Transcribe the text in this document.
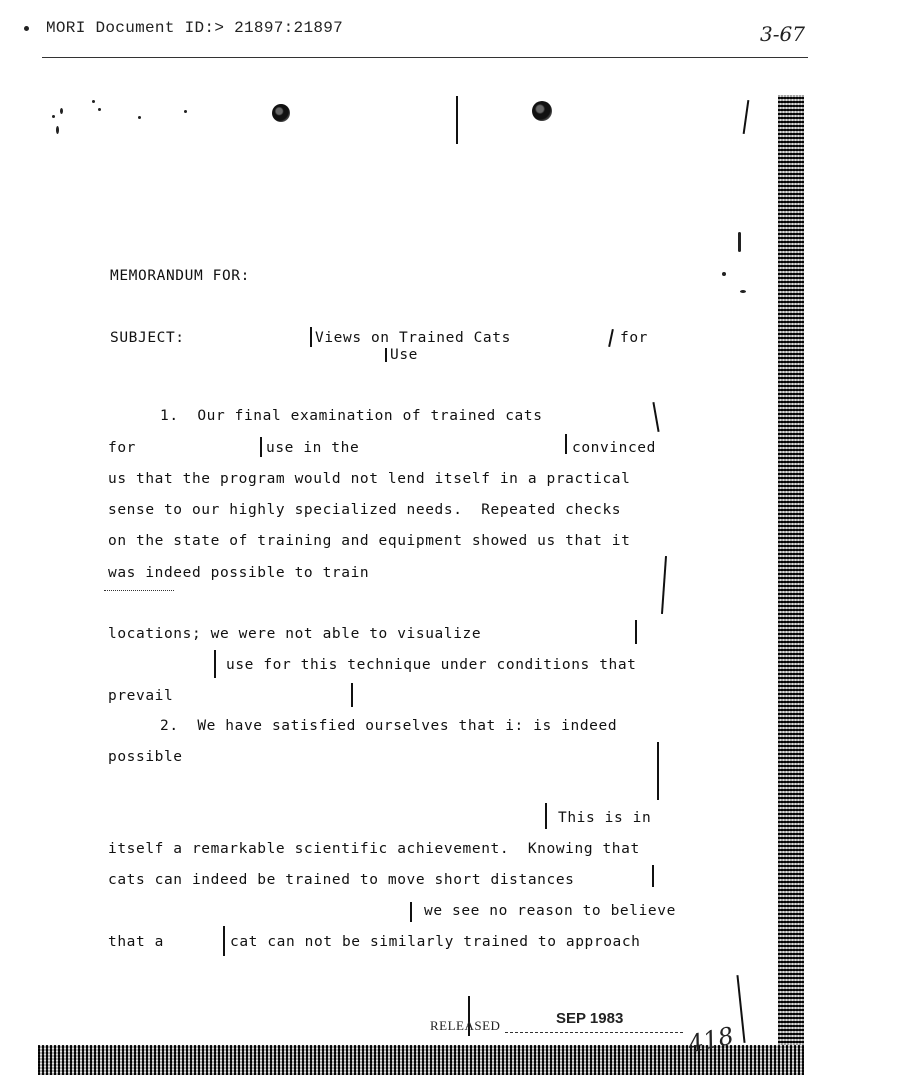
MORI Document ID:> 21897:21897	3-67
MEMORANDUM FOR:
SUBJECT:	Views on Trained Cats	for
Use
1.  Our final examination of trained cats
for	use in the	convinced
us that the program would not lend itself in a practical
sense to our highly specialized needs.  Repeated checks
on the state of training and equipment showed us that it
was indeed possible to train
locations; we were not able to visualize
use for this technique under conditions that
prevail
2.  We have satisfied ourselves that i: is indeed
possible
This is in
itself a remarkable scientific achievement.  Knowing that
cats can indeed be trained to move short distances
we see no reason to believe
that a	cat can not be similarly trained to approach
RELEASED	SEP 1983
418
